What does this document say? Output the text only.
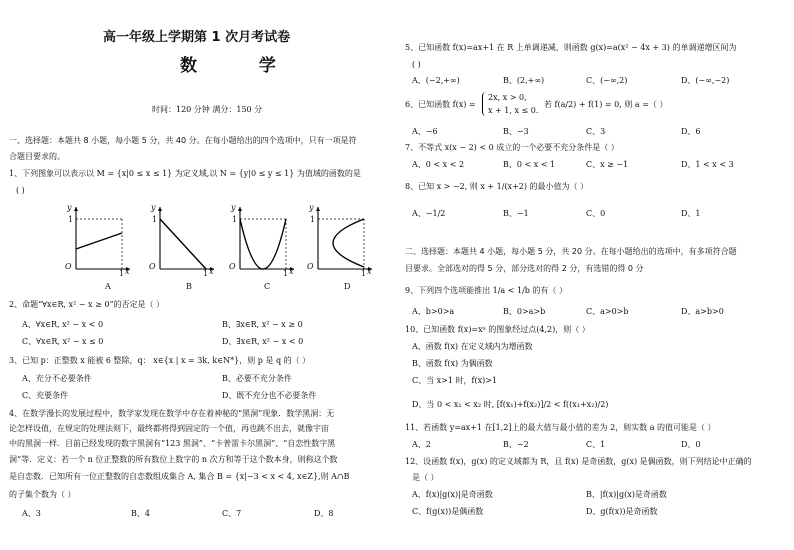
高一年级上学期第 1 次月考试卷
数 学
时间：120 分钟 满分：150 分
一、选择题：本题共 8 小题，每小题 5 分，共 40 分。在每小题给出的四个选项中，只有一项是符
合题目要求的。
1、下列图象可以表示以 M = {x|0 ≤ x ≤ 1} 为定义域,以 N = {y|0 ≤ y ≤ 1} 为值域的函数的是
( )
O
1
1 x
y
A
O
1
1 x
y
B
O
1
1 x
y
C
O
1
1 x
y
D
2、命题“∀x∈R, x² − x ≥ 0”的否定是（ ）
A、∀x∈R, x² − x < 0	B、∃x∈R, x² − x ≥ 0
C、∀x∈R, x² − x ≤ 0	D、∃x∈R, x² − x < 0
3、已知 p：正整数 x 能被 6 整除，q： x∈{x | x = 3k, k∈N*}，则 p 是 q 的（ ）
A、充分不必要条件	B、必要不充分条件
C、充要条件	D、既不充分也不必要条件
4、在数学漫长的发展过程中，数学家发现在数学中存在着神秘的“黑洞”现象．数学黑洞：无
论怎样设值，在规定的处理法则下，最终都将得到固定的一个值，再也跳不出去，就像宇宙
中的黑洞一样．目前已经发现的数字黑洞有“123 黑洞”、“卡普雷卡尔黑洞”、“自恋性数字黑
洞”等．定义：若一个 n 位正整数的所有数位上数字的 n 次方和等于这个数本身，则称这个数
是自恋数．已知所有一位正整数的自恋数组成集合 A, 集合 B = {x|−3 < x < 4, x∈Z},则 A∩B
的子集个数为（ ）
A、3	B、4	C、7	D、8
5、已知函数 f(x)=ax+1 在 R 上单调递减，则函数 g(x)=a(x² − 4x + 3) 的单调递增区间为
( )
A、(−2,+∞)	B、(2,+∞)	C、(−∞,2)	D、(−∞,−2)
6、已知函数 f(x) =
2x, x > 0,
x + 1, x ≤ 0.
若 f(a/2) + f(1) = 0, 则 a =（ ）
A、−6	B、−3	C、3	D、6
7、不等式 x(x − 2) < 0 成立的一个必要不充分条件是（ ）
A、0 < x < 2	B、0 < x < 1	C、x ≥ −1	D、1 < x < 3
8、已知 x > −2, 则 x + 1/(x+2) 的最小值为（ ）
A、−1/2	B、−1	C、0	D、1
二、选择题：本题共 4 小题，每小题 5 分，共 20 分。在每小题给出的选项中，有多项符合题
目要求。全部选对的得 5 分，部分选对的得 2 分，有选错的得 0 分
9、下列四个选项能推出 1/a < 1/b 的有（ ）
A、b>0>a	B、0>a>b	C、a>0>b	D、a>b>0
10、已知函数 f(x)=xᵃ 的图象经过点(4,2)，则（ ）
A、函数 f(x) 在定义域内为增函数
B、函数 f(x) 为偶函数
C、当 x>1 时，f(x)>1
D、当 0 < x₁ < x₂ 时, [f(x₁)+f(x₂)]/2 < f((x₁+x₂)/2)
11、若函数 y=ax+1 在[1,2]上的最大值与最小值的差为 2，则实数 a 的值可能是（ ）
A、2	B、−2	C、1	D、0
12、设函数 f(x)，g(x) 的定义域都为 R，且 f(x) 是奇函数，g(x) 是偶函数，则下列结论中正确的
是（ ）
A、f(x)|g(x)|是奇函数	B、|f(x)|g(x)是奇函数
C、f(g(x))是偶函数	D、g(f(x))是奇函数
